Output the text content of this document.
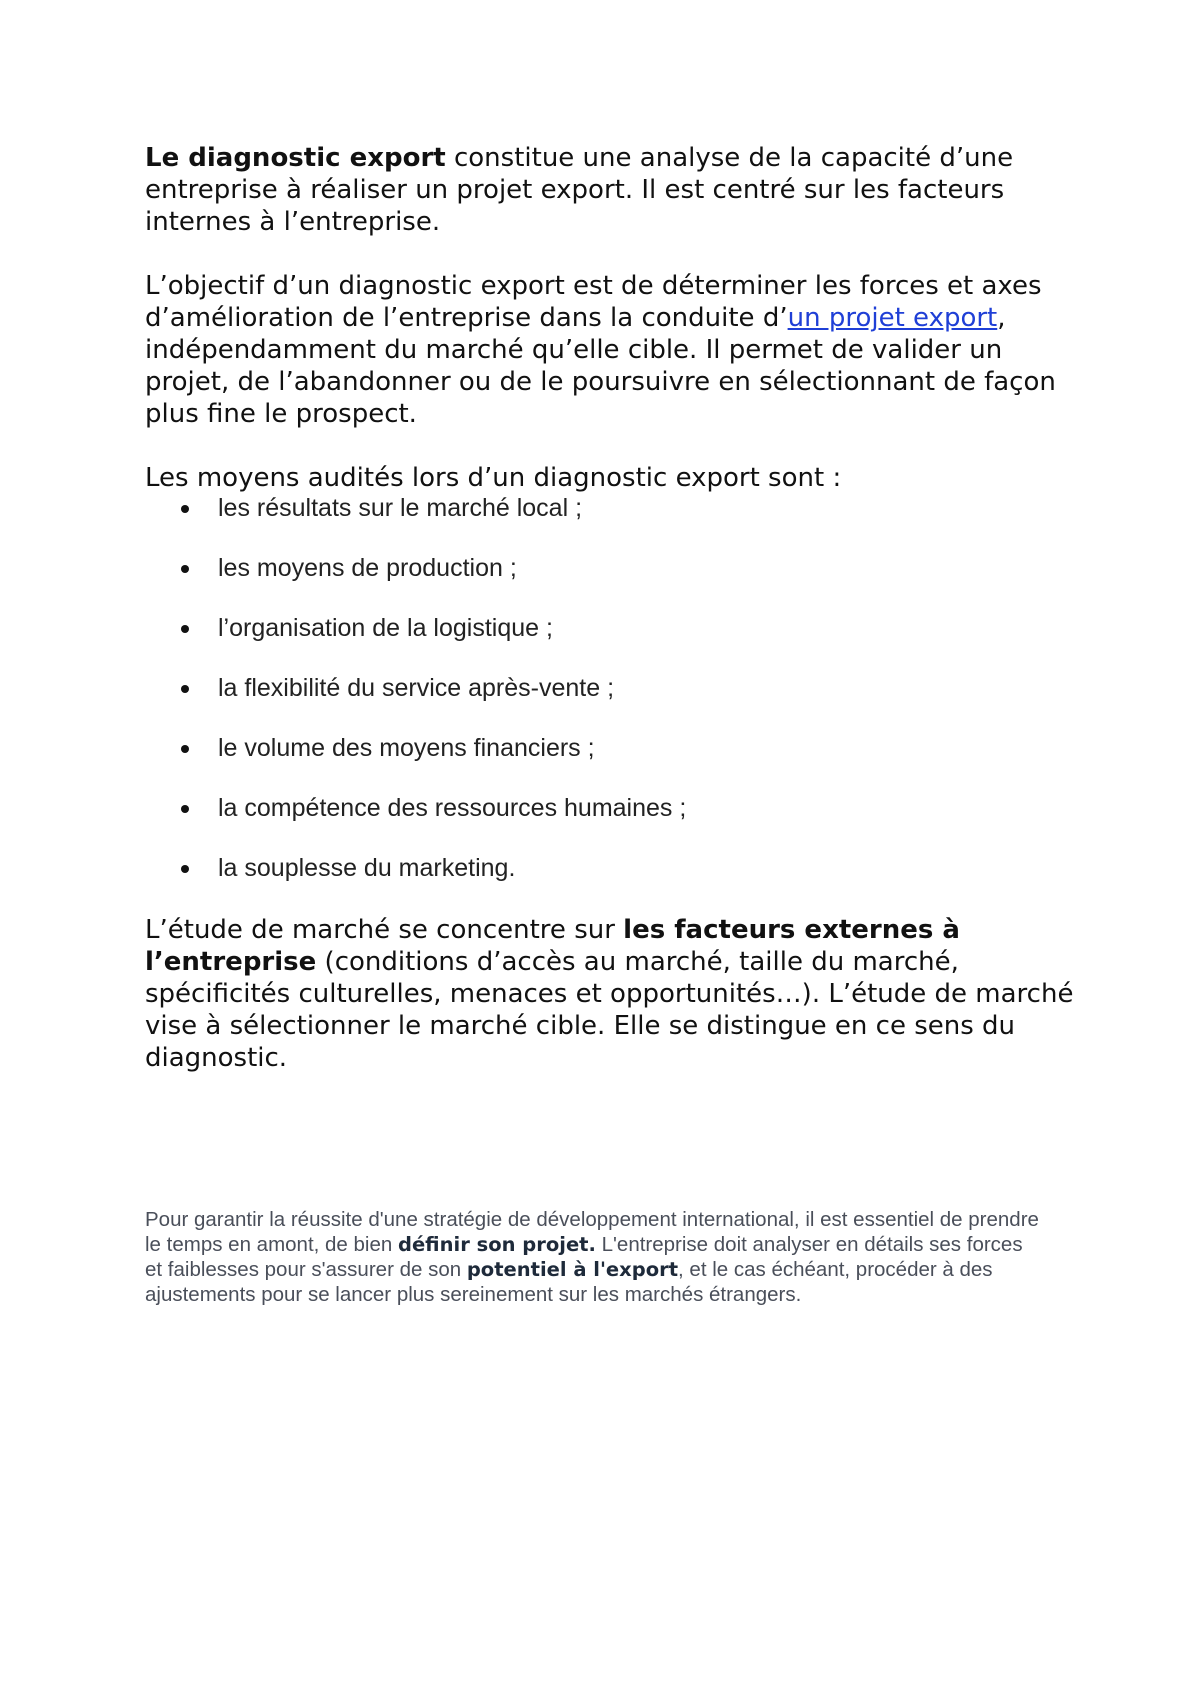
Le diagnostic export constitue une analyse de la capacité d’une entreprise à réaliser un projet export. Il est centré sur les facteurs internes à l’entreprise.

L’objectif d’un diagnostic export est de déterminer les forces et axes d’amélioration de l’entreprise dans la conduite d’un projet export, indépendamment du marché qu’elle cible. Il permet de valider un projet, de l’abandonner ou de le poursuivre en sélectionnant de façon plus fine le prospect.

Les moyens audités lors d’un diagnostic export sont :

les résultats sur le marché local ;
les moyens de production ;
l’organisation de la logistique ;
la flexibilité du service après-vente ;
le volume des moyens financiers ;
la compétence des ressources humaines ;
la souplesse du marketing.

L’étude de marché se concentre sur les facteurs externes à l’entreprise (conditions d’accès au marché, taille du marché, spécificités culturelles, menaces et opportunités…). L’étude de marché vise à sélectionner le marché cible. Elle se distingue en ce sens du diagnostic.

Pour garantir la réussite d'une stratégie de développement international, il est essentiel de prendre le temps en amont, de bien définir son projet. L'entreprise doit analyser en détails ses forces et faiblesses pour s'assurer de son potentiel à l'export, et le cas échéant, procéder à des ajustements pour se lancer plus sereinement sur les marchés étrangers.
